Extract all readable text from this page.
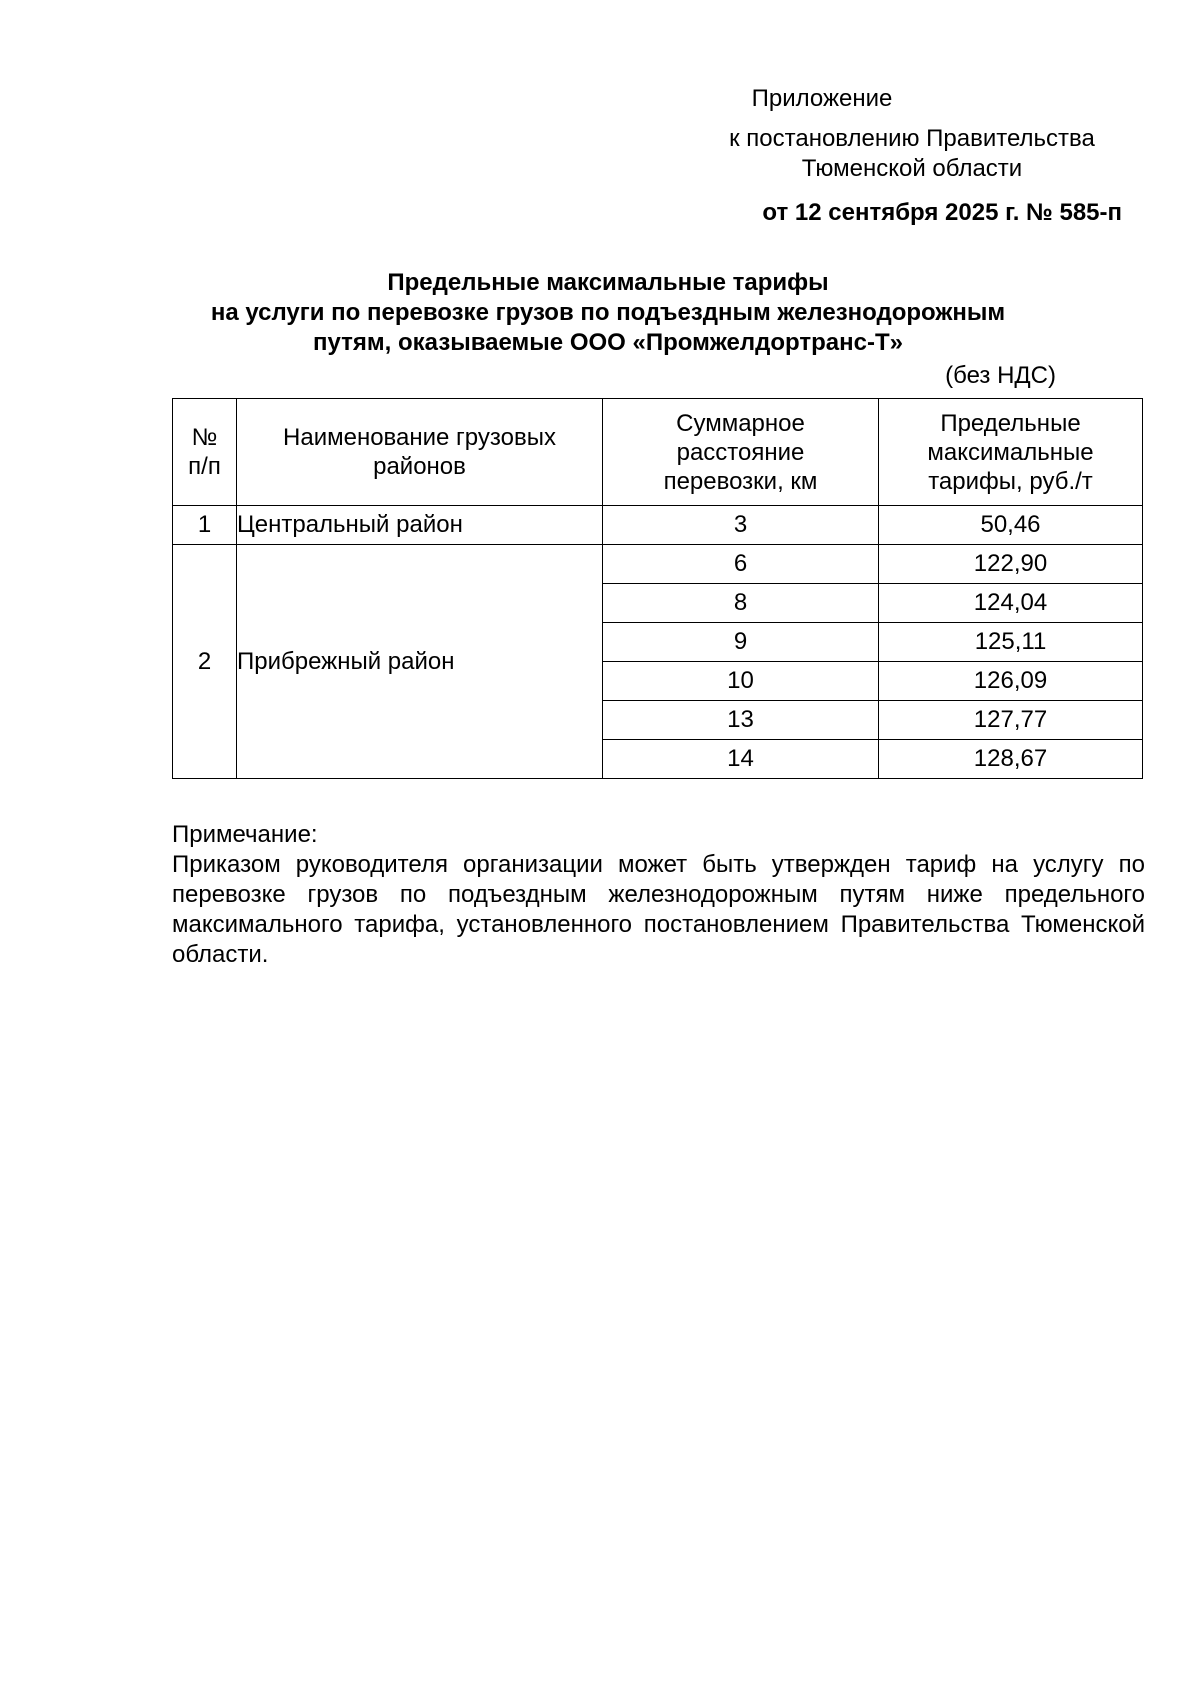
Приложение
к постановлению Правительства
Тюменской области
от 12 сентября 2025 г. № 585-п
Предельные максимальные тарифы
на услуги по перевозке грузов по подъездным железнодорожным
путям, оказываемые ООО «Промжелдортранс-Т»
(без НДС)
№ п/п	Наименование грузовых районов	Суммарное расстояние перевозки, км	Предельные максимальные тарифы, руб./т
1	Центральный район	3	50,46
2	Прибрежный район	6	122,90
		8	124,04
		9	125,11
		10	126,09
		13	127,77
		14	128,67
Примечание:
Приказом руководителя организации может быть утвержден тариф на услугу по перевозке грузов по подъездным железнодорожным путям ниже предельного максимального тарифа, установленного постановлением Правительства Тюменской области.
